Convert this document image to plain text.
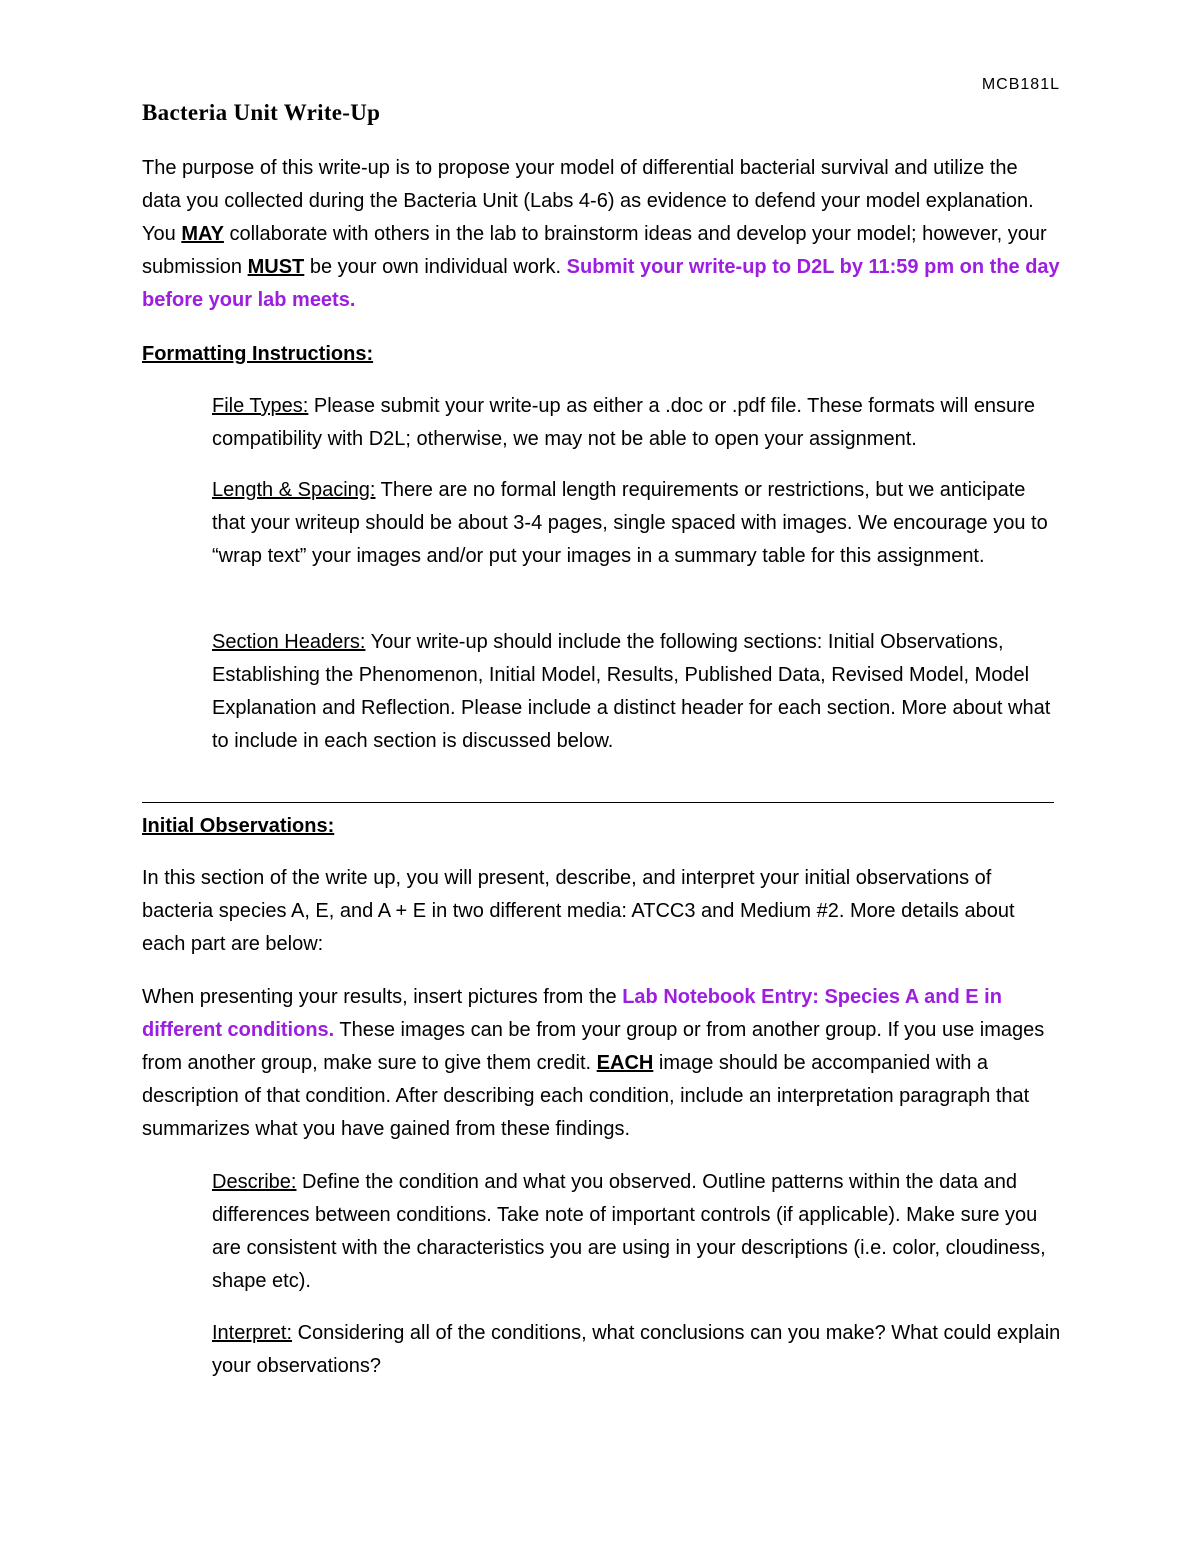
MCB181L
Bacteria Unit Write-Up

The purpose of this write-up is to propose your model of differential bacterial survival and utilize the data you collected during the Bacteria Unit (Labs 4-6) as evidence to defend your model explanation. You MAY collaborate with others in the lab to brainstorm ideas and develop your model; however, your submission MUST be your own individual work. Submit your write-up to D2L by 11:59 pm on the day before your lab meets.

Formatting Instructions:

File Types: Please submit your write-up as either a .doc or .pdf file. These formats will ensure compatibility with D2L; otherwise, we may not be able to open your assignment.

Length & Spacing: There are no formal length requirements or restrictions, but we anticipate that your writeup should be about 3-4 pages, single spaced with images. We encourage you to “wrap text” your images and/or put your images in a summary table for this assignment.

Section Headers: Your write-up should include the following sections: Initial Observations, Establishing the Phenomenon, Initial Model, Results, Published Data, Revised Model, Model Explanation and Reflection. Please include a distinct header for each section. More about what to include in each section is discussed below.

Initial Observations:

In this section of the write up, you will present, describe, and interpret your initial observations of bacteria species A, E, and A + E in two different media: ATCC3 and Medium #2. More details about each part are below:

When presenting your results, insert pictures from the Lab Notebook Entry: Species A and E in different conditions. These images can be from your group or from another group. If you use images from another group, make sure to give them credit. EACH image should be accompanied with a description of that condition. After describing each condition, include an interpretation paragraph that summarizes what you have gained from these findings.

Describe: Define the condition and what you observed. Outline patterns within the data and differences between conditions. Take note of important controls (if applicable). Make sure you are consistent with the characteristics you are using in your descriptions (i.e. color, cloudiness, shape etc).

Interpret: Considering all of the conditions, what conclusions can you make? What could explain your observations?
